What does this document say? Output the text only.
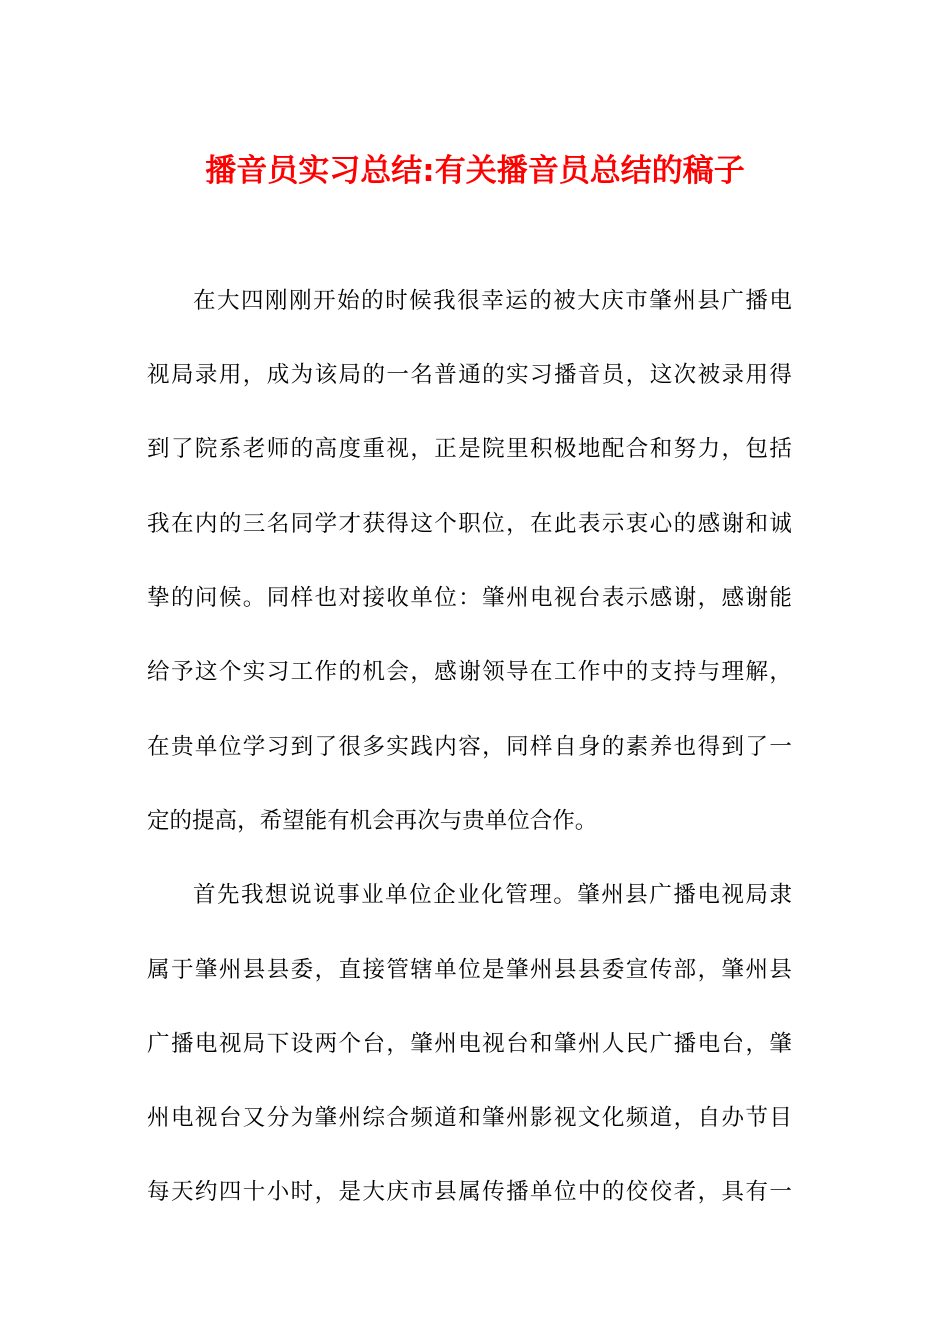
播音员实习总结:有关播音员总结的稿子
在 大 四 刚 刚 开 始 的 时 候 我 很 幸 运 的 被 大 庆 市 肇 州 县 广 播 电
视 局 录 用 ， 成 为 该 局 的 一 名 普 通 的 实 习 播 音 员 ， 这 次 被 录 用 得
到 了 院 系 老 师 的 高 度 重 视 ， 正 是 院 里 积 极 地 配 合 和 努 力 ， 包 括
我 在 内 的 三 名 同 学 才 获 得 这 个 职 位 ， 在 此 表 示 衷 心 的 感 谢 和 诚
挚 的 问 候 。 同 样 也 对 接 收 单 位 ： 肇 州 电 视 台 表 示 感 谢 ， 感 谢 能
给 予 这 个 实 习 工 作 的 机 会 ， 感 谢 领 导 在 工 作 中 的 支 持 与 理 解 ，
在 贵 单 位 学 习 到 了 很 多 实 践 内 容 ， 同 样 自 身 的 素 养 也 得 到 了 一
定 的 提 高 ， 希 望 能 有 机 会 再 次 与 贵 单 位 合 作 。
首 先 我 想 说 说 事 业 单 位 企 业 化 管 理 。 肇 州 县 广 播 电 视 局 隶
属 于 肇 州 县 县 委 ， 直 接 管 辖 单 位 是 肇 州 县 县 委 宣 传 部 ， 肇 州 县
广 播 电 视 局 下 设 两 个 台 ， 肇 州 电 视 台 和 肇 州 人 民 广 播 电 台 ， 肇
州 电 视 台 又 分 为 肇 州 综 合 频 道 和 肇 州 影 视 文 化 频 道 ， 自 办 节 目
每 天 约 四 十 小 时 ， 是 大 庆 市 县 属 传 播 单 位 中 的 佼 佼 者 ， 具 有 一
